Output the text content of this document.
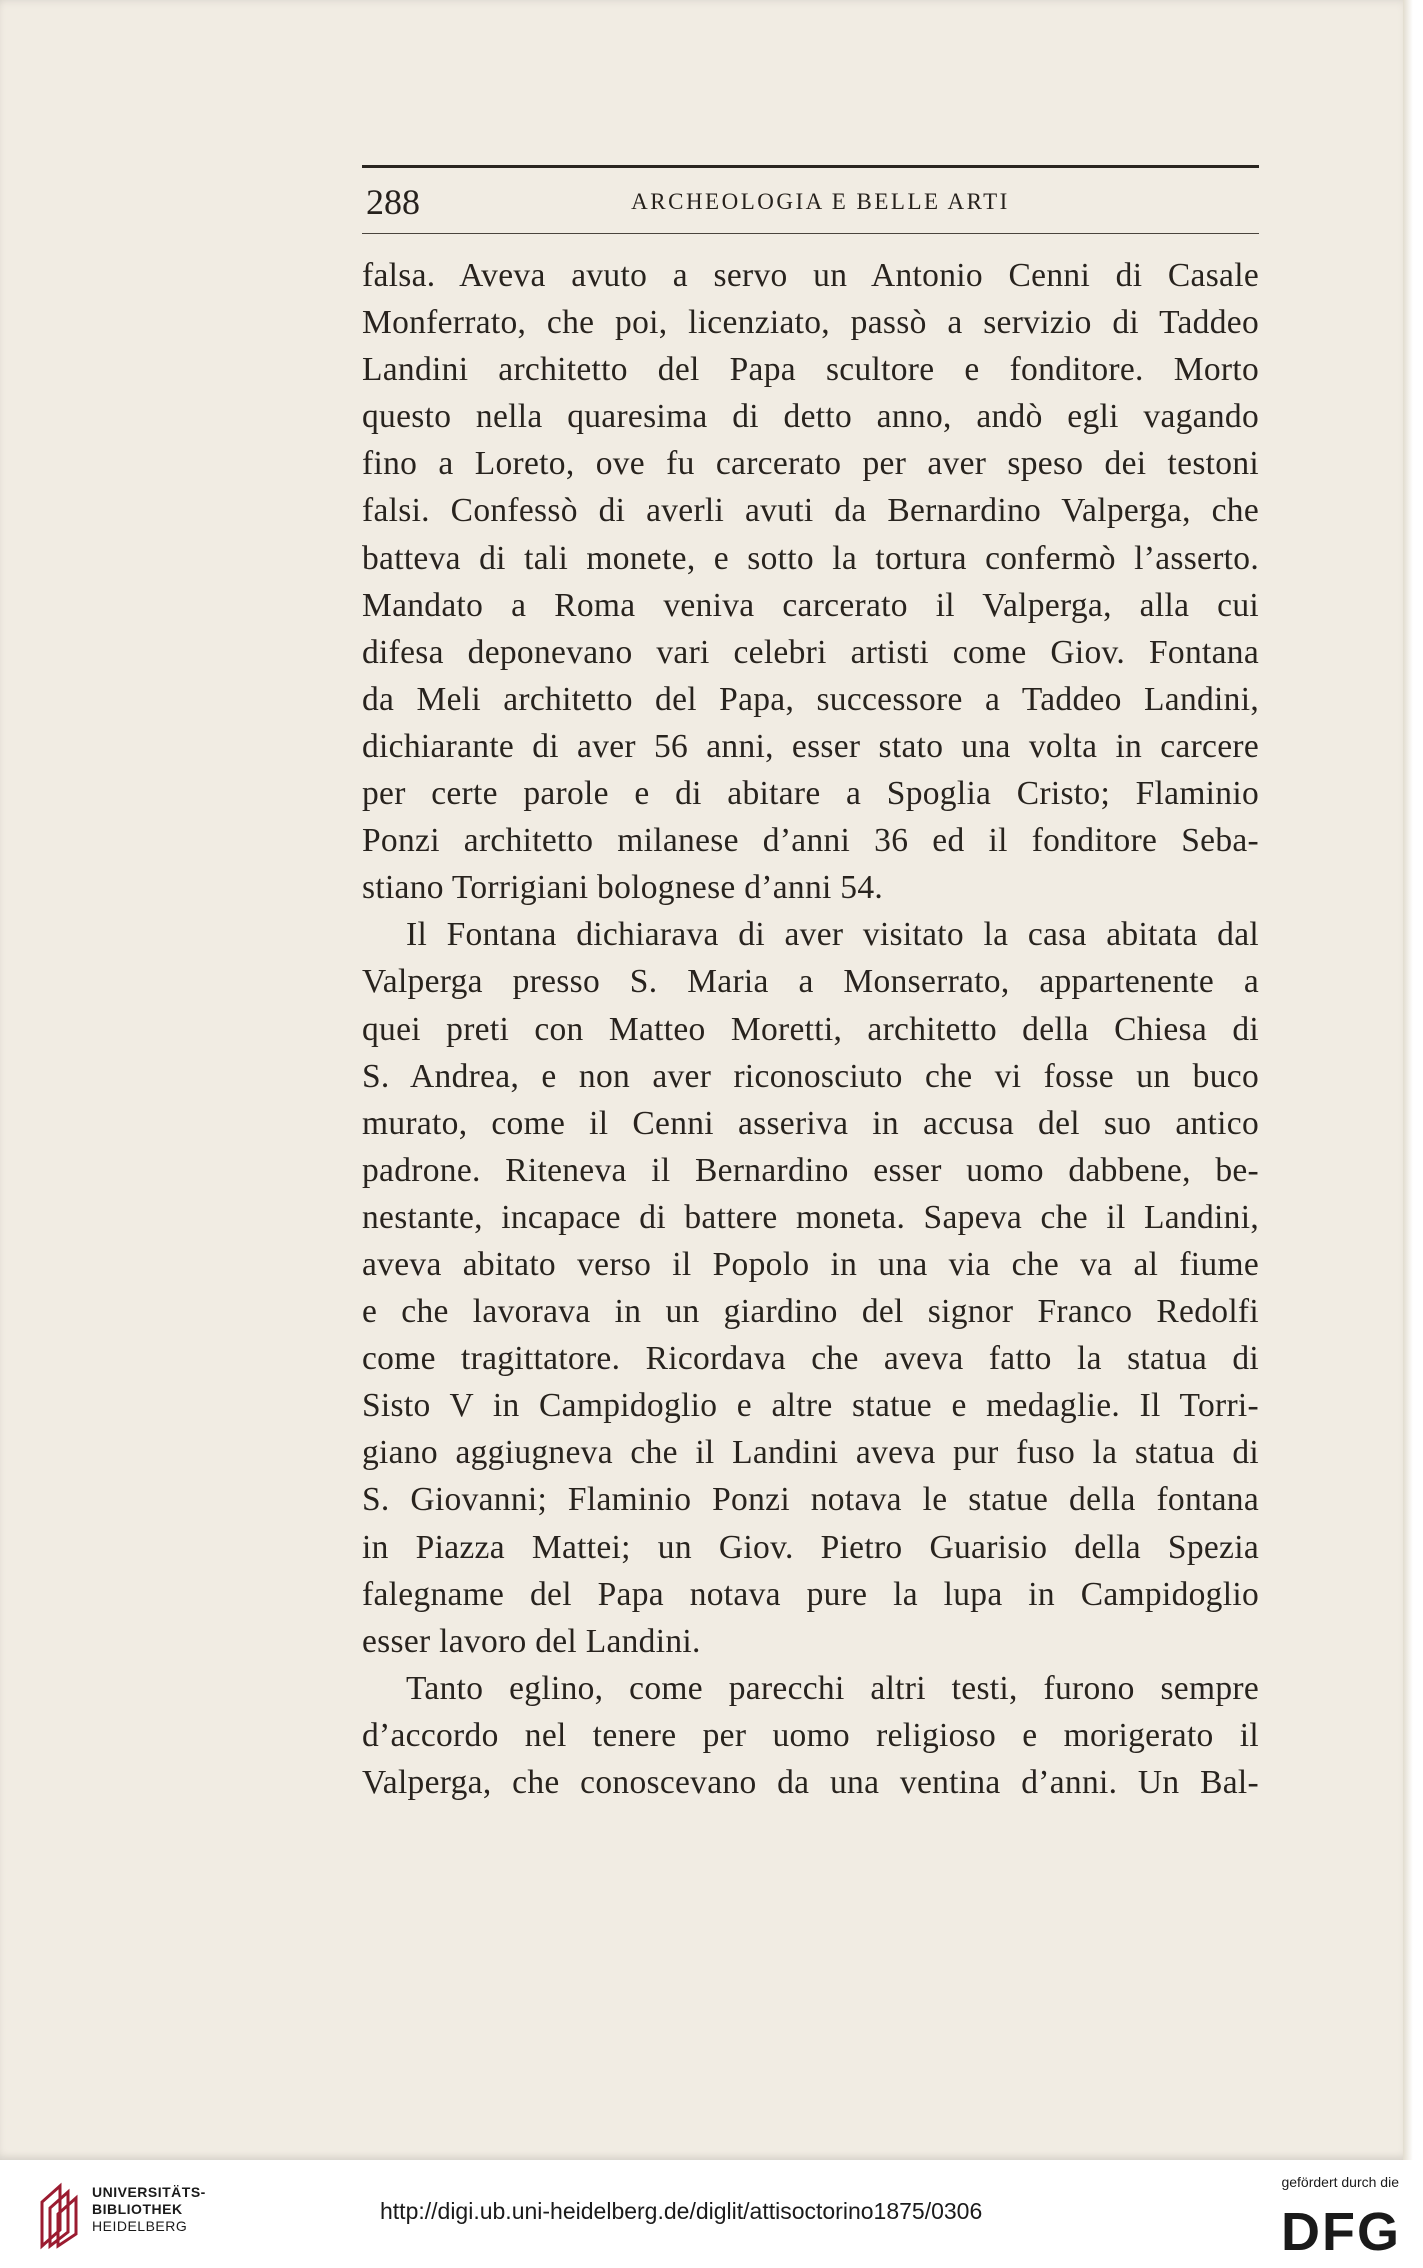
288	ARCHEOLOGIA E BELLE ARTI

falsa. Aveva avuto a servo un Antonio Cenni di Casale

Monferrato, che poi, licenziato, passò a servizio di Taddeo

Landini architetto del Papa scultore e fonditore. Morto

questo nella quaresima di detto anno, andò egli vagando

fino a Loreto, ove fu carcerato per aver speso dei testoni

falsi. Confessò di averli avuti da Bernardino Valperga, che

batteva di tali monete, e sotto la tortura confermò l’asserto.

Mandato a Roma veniva carcerato il Valperga, alla cui

difesa deponevano vari celebri artisti come Giov. Fontana

da Meli architetto del Papa, successore a Taddeo Landini,

dichiarante di aver 56 anni, esser stato una volta in carcere

per certe parole e di abitare a Spoglia Cristo; Flaminio

Ponzi architetto milanese d’anni 36 ed il fonditore Seba-

stiano Torrigiani bolognese d’anni 54.

Il Fontana dichiarava di aver visitato la casa abitata dal

Valperga presso S. Maria a Monserrato, appartenente a

quei preti con Matteo Moretti, architetto della Chiesa di

S. Andrea, e non aver riconosciuto che vi fosse un buco

murato, come il Cenni asseriva in accusa del suo antico

padrone. Riteneva il Bernardino esser uomo dabbene, be-

nestante, incapace di battere moneta. Sapeva che il Landini,

aveva abitato verso il Popolo in una via che va al fiume

e che lavorava in un giardino del signor Franco Redolfi

come tragittatore. Ricordava che aveva fatto la statua di

Sisto V in Campidoglio e altre statue e medaglie. Il Torri-

giano aggiugneva che il Landini aveva pur fuso la statua di

S. Giovanni; Flaminio Ponzi notava le statue della fontana

in Piazza Mattei; un Giov. Pietro Guarisio della Spezia

falegname del Papa notava pure la lupa in Campidoglio

esser lavoro del Landini.

Tanto eglino, come parecchi altri testi, furono sempre

d’accordo nel tenere per uomo religioso e morigerato il

Valperga, che conoscevano da una ventina d’anni. Un Bal-

UNIVERSITÄTS-
BIBLIOTHEK
HEIDELBERG
http://digi.ub.uni-heidelberg.de/diglit/attisoctorino1875/0306
gefördert durch die
DFG
